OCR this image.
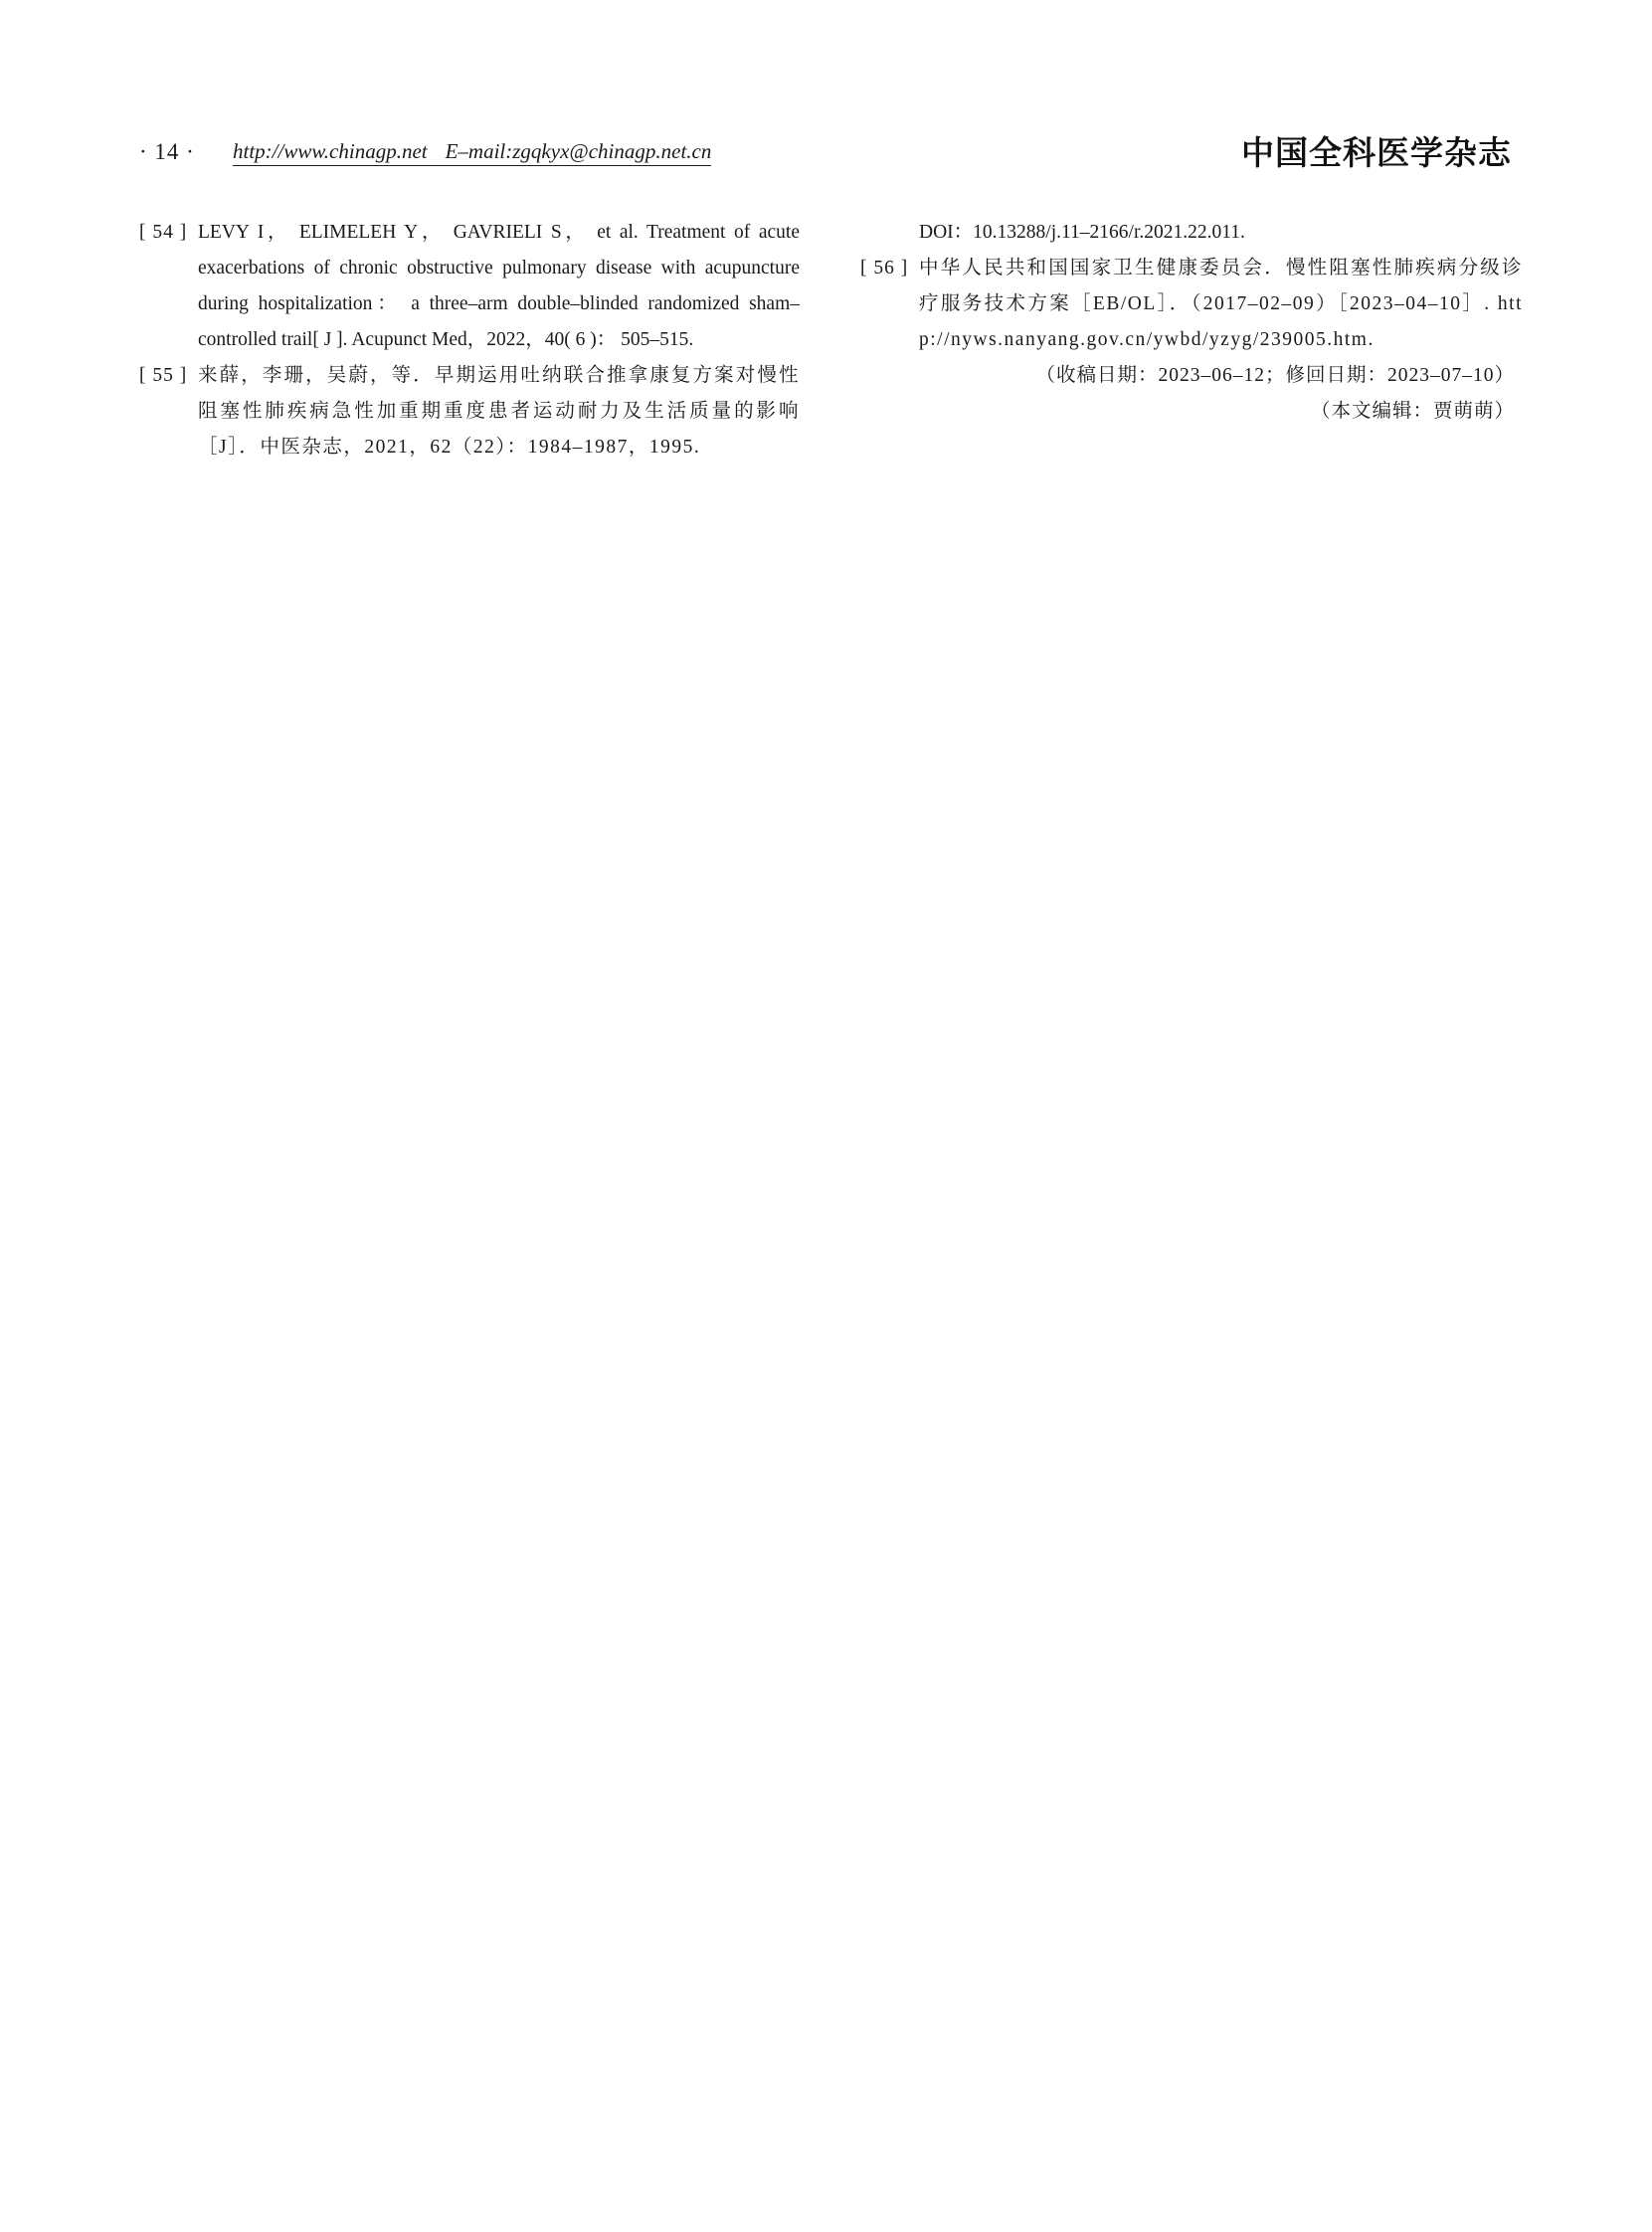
· 14 · http://www.chinagp.net E–mail:zgqkyx@chinagp.net.cn	中国全科医学杂志

[ 54 ] LEVY I， ELIMELEH Y， GAVRIELI S， et al. Treatment of acute exacerbations of chronic obstructive pulmonary disease with acupuncture during hospitalization： a three–arm double–blinded randomized sham–controlled trail[ J ]. Acupunct Med，2022，40( 6 )： 505–515.

[ 55 ] 来薛，李珊，吴蔚，等．早期运用吐纳联合推拿康复方案对慢性阻塞性肺疾病急性加重期重度患者运动耐力及生活质量的影响［J］．中医杂志，2021，62（22）：1984–1987，1995.

DOI：10.13288/j.11–2166/r.2021.22.011.

[ 56 ] 中华人民共和国国家卫生健康委员会．慢性阻塞性肺疾病分级诊疗服务技术方案［EB/OL］．（2017–02–09）［2023–04–10］. http://nyws.nanyang.gov.cn/ywbd/yzyg/239005.htm.

（收稿日期：2023–06–12；修回日期：2023–07–10）

（本文编辑：贾萌萌）
